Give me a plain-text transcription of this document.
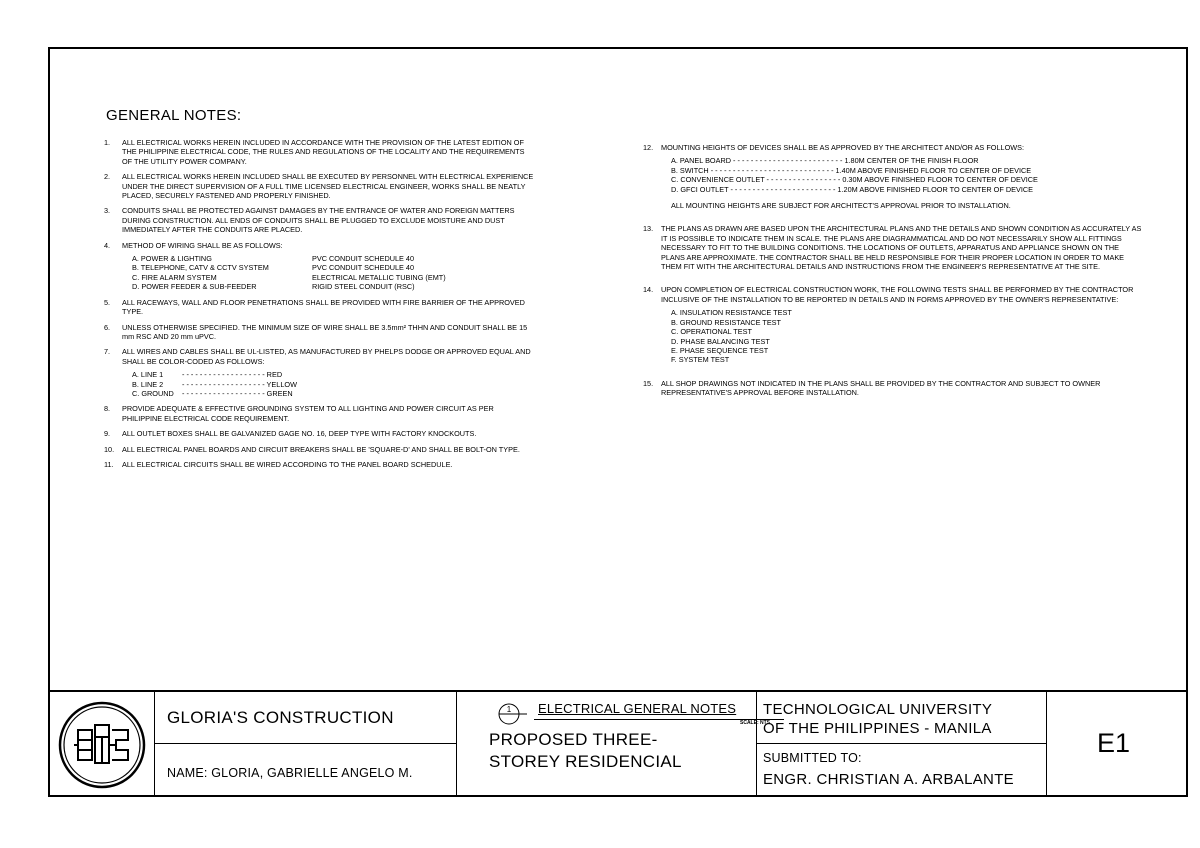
GENERAL NOTES:
1. ALL ELECTRICAL WORKS HEREIN INCLUDED IN ACCORDANCE WITH THE PROVISION OF THE LATEST EDITION OF THE PHILIPPINE ELECTRICAL CODE, THE RULES AND REGULATIONS OF THE LOCALITY AND THE REQUIREMENTS OF THE UTILITY POWER COMPANY.
2. ALL ELECTRICAL WORKS HEREIN INCLUDED SHALL BE EXECUTED BY PERSONNEL WITH ELECTRICAL EXPERIENCE UNDER THE DIRECT SUPERVISION OF A FULL TIME LICENSED ELECTRICAL ENGINEER, WORKS SHALL BE NEATLY PLACED, SECURELY FASTENED AND PROPERLY FINISHED.
3. CONDUITS SHALL BE PROTECTED AGAINST DAMAGES BY THE ENTRANCE OF WATER AND FOREIGN MATTERS DURING CONSTRUCTION. ALL ENDS OF CONDUITS SHALL BE PLUGGED TO EXCLUDE MOISTURE AND DUST IMMEDIATELY AFTER THE CONDUITS ARE PLACED.
4. METHOD OF WIRING SHALL BE AS FOLLOWS:
A. POWER & LIGHTING	PVC CONDUIT SCHEDULE 40
B. TELEPHONE, CATV & CCTV SYSTEM	PVC CONDUIT SCHEDULE 40
C. FIRE ALARM SYSTEM	ELECTRICAL METALLIC TUBING (EMT)
D. POWER FEEDER & SUB-FEEDER	RIGID STEEL CONDUIT (RSC)
5. ALL RACEWAYS, WALL AND FLOOR PENETRATIONS SHALL BE PROVIDED WITH FIRE BARRIER OF THE APPROVED TYPE.
6. UNLESS OTHERWISE SPECIFIED. THE MINIMUM SIZE OF WIRE SHALL BE 3.5mm² THHN AND CONDUIT SHALL BE 15 mm RSC AND 20 mm uPVC.
7. ALL WIRES AND CABLES SHALL BE UL-LISTED, AS MANUFACTURED BY PHELPS DODGE OR APPROVED EQUAL AND SHALL BE COLOR-CODED AS FOLLOWS:
A. LINE 1	- - - - - - - - - - - - - - - - - - - RED
B. LINE 2	- - - - - - - - - - - - - - - - - - - YELLOW
C. GROUND	- - - - - - - - - - - - - - - - - - - GREEN
8. PROVIDE ADEQUATE & EFFECTIVE GROUNDING SYSTEM TO ALL LIGHTING AND POWER CIRCUIT AS PER PHILIPPINE ELECTRICAL CODE REQUIREMENT.
9. ALL OUTLET BOXES SHALL BE GALVANIZED GAGE NO. 16, DEEP TYPE WITH FACTORY KNOCKOUTS.
10. ALL ELECTRICAL PANEL BOARDS AND CIRCUIT BREAKERS SHALL BE 'SQUARE-D' AND SHALL BE BOLT-ON TYPE.
11. ALL ELECTRICAL CIRCUITS SHALL BE WIRED ACCORDING TO THE PANEL BOARD SCHEDULE.
12. MOUNTING HEIGHTS OF DEVICES SHALL BE AS APPROVED BY THE ARCHITECT AND/OR AS FOLLOWS:
A. PANEL BOARD - - - - - - - - - - - - - - - - - - - - - - - - - 1.80M CENTER OF THE FINISH FLOOR
B. SWITCH - - - - - - - - - - - - - - - - - - - - - - - - - - - - 1.40M ABOVE FINISHED FLOOR TO CENTER OF DEVICE
C. CONVENIENCE OUTLET - - - - - - - - - - - - - - - - - 0.30M ABOVE FINISHED FLOOR TO CENTER OF DEVICE
D. GFCI OUTLET - - - - - - - - - - - - - - - - - - - - - - - - 1.20M ABOVE FINISHED FLOOR TO CENTER OF DEVICE
ALL MOUNTING HEIGHTS ARE SUBJECT FOR ARCHITECT'S APPROVAL PRIOR TO INSTALLATION.
13. THE PLANS AS DRAWN ARE BASED UPON THE ARCHITECTURAL PLANS AND THE DETAILS AND SHOWN CONDITION AS ACCURATELY AS IT IS POSSIBLE TO INDICATE THEM IN SCALE. THE PLANS ARE DIAGRAMMATICAL AND DO NOT NECESSARILY SHOW ALL FITTINGS NECESSARY TO FIT TO THE BUILDING CONDITIONS. THE LOCATIONS OF OUTLETS, APPARATUS AND APPLIANCE SHOWN ON THE PLANS ARE APPROXIMATE. THE CONTRACTOR SHALL BE HELD RESPONSIBLE FOR THEIR PROPER LOCATION IN ORDER TO MAKE THEM FIT WITH THE ARCHITECTURAL DETAILS AND INSTRUCTIONS FROM THE ENGINEER'S REPRESENTATIVE AT THE SITE.
14. UPON COMPLETION OF ELECTRICAL CONSTRUCTION WORK, THE FOLLOWING TESTS SHALL BE PERFORMED BY THE CONTRACTOR INCLUSIVE OF THE INSTALLATION TO BE REPORTED IN DETAILS AND IN FORMS APPROVED BY THE OWNER'S REPRESENTATIVE:
A. INSULATION RESISTANCE TEST
B. GROUND RESISTANCE TEST
C. OPERATIONAL TEST
D. PHASE BALANCING TEST
E. PHASE SEQUENCE TEST
F. SYSTEM TEST
15. ALL SHOP DRAWINGS NOT INDICATED IN THE PLANS SHALL BE PROVIDED BY THE CONTRACTOR AND SUBJECT TO OWNER REPRESENTATIVE'S APPROVAL BEFORE INSTALLATION.
1 ELECTRICAL GENERAL NOTES
SCALE: NTS
GLORIA'S CONSTRUCTION
NAME: GLORIA, GABRIELLE ANGELO M.
PROPOSED THREE-
STOREY RESIDENCIAL
TECHNOLOGICAL UNIVERSITY
OF THE PHILIPPINES - MANILA
SUBMITTED TO:
ENGR. CHRISTIAN A. ARBALANTE
E1
